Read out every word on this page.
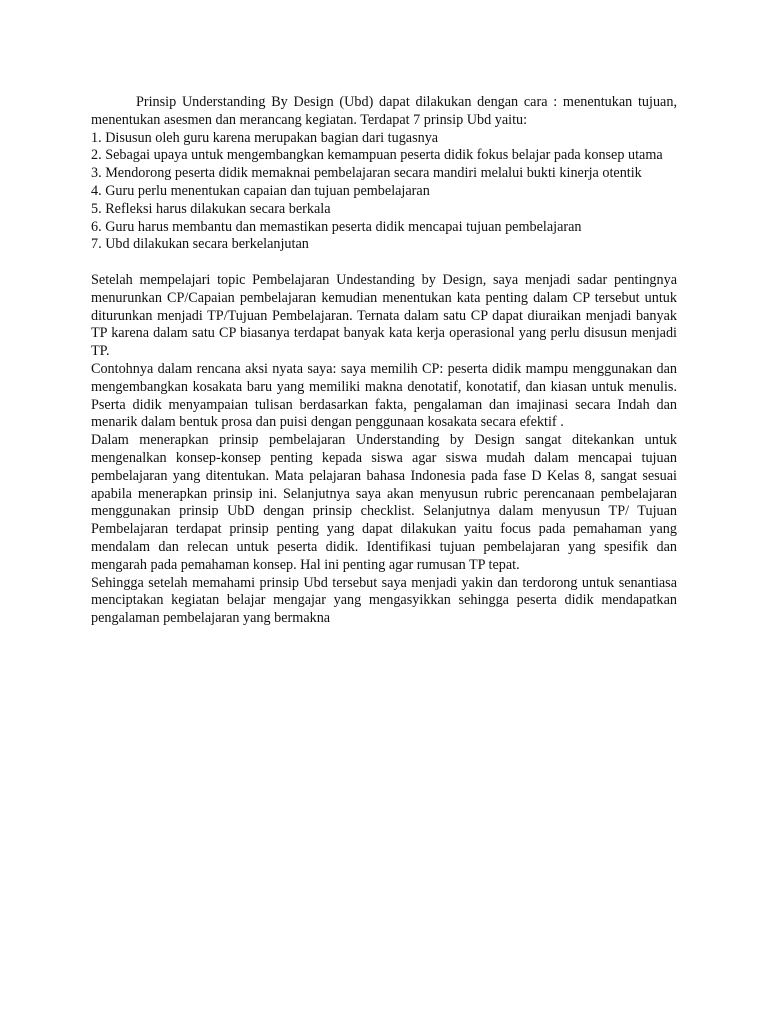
Prinsip Understanding By Design (Ubd) dapat dilakukan dengan cara : menentukan tujuan, menentukan asesmen dan merancang kegiatan. Terdapat 7 prinsip Ubd yaitu:

1. Disusun oleh guru karena merupakan bagian dari tugasnya
2. Sebagai upaya untuk mengembangkan kemampuan peserta didik fokus belajar pada konsep utama
3. Mendorong peserta didik memaknai pembelajaran secara mandiri melalui bukti kinerja otentik
4. Guru perlu menentukan capaian dan tujuan pembelajaran
5. Refleksi harus dilakukan secara berkala
6. Guru harus membantu dan memastikan peserta didik mencapai tujuan pembelajaran
7. Ubd dilakukan secara berkelanjutan

Setelah mempelajari topic Pembelajaran Undestanding by Design, saya menjadi sadar pentingnya menurunkan CP/Capaian pembelajaran kemudian menentukan kata penting dalam CP tersebut untuk diturunkan menjadi TP/Tujuan Pembelajaran. Ternata dalam satu CP dapat diuraikan menjadi banyak TP karena dalam satu CP biasanya terdapat banyak kata kerja operasional yang perlu disusun menjadi TP.

Contohnya dalam rencana aksi nyata saya: saya memilih CP: peserta didik mampu menggunakan dan mengembangkan kosakata baru yang memiliki makna denotatif, konotatif, dan kiasan untuk menulis. Pserta didik menyampaian tulisan berdasarkan fakta, pengalaman dan imajinasi secara Indah dan menarik dalam bentuk prosa dan puisi dengan penggunaan kosakata secara efektif .

Dalam menerapkan prinsip pembelajaran Understanding by Design sangat ditekankan untuk mengenalkan konsep-konsep penting kepada siswa agar siswa mudah dalam mencapai tujuan pembelajaran yang ditentukan. Mata pelajaran bahasa Indonesia pada fase D Kelas 8, sangat sesuai apabila menerapkan prinsip ini. Selanjutnya saya akan menyusun rubric perencanaan pembelajaran menggunakan prinsip UbD dengan prinsip checklist. Selanjutnya dalam menyusun TP/ Tujuan Pembelajaran terdapat prinsip penting yang dapat dilakukan yaitu focus pada pemahaman yang mendalam dan relecan untuk peserta didik. Identifikasi tujuan pembelajaran yang spesifik dan mengarah pada pemahaman konsep. Hal ini penting agar rumusan TP tepat.

Sehingga setelah memahami prinsip Ubd tersebut saya menjadi yakin dan terdorong untuk senantiasa menciptakan kegiatan belajar mengajar yang mengasyikkan sehingga peserta didik mendapatkan pengalaman pembelajaran yang bermakna
